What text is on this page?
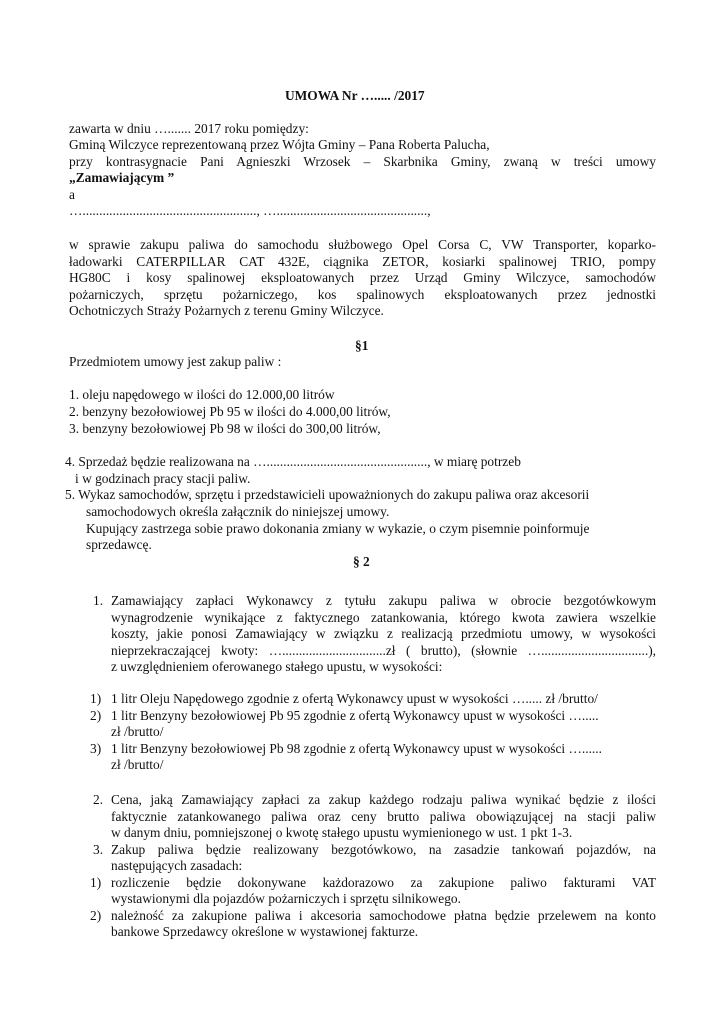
UMOWA Nr …..... /2017
zawarta w dniu …....... 2017 roku pomiędzy:
Gminą Wilczyce reprezentowaną przez Wójta Gminy – Pana Roberta Palucha,
przy kontrasygnacie Pani Agnieszki Wrzosek – Skarbnika Gminy, zwaną w treści umowy
„Zamawiającym ”
a
…...................................................., ….............................................,
w sprawie zakupu paliwa do samochodu służbowego Opel Corsa C, VW Transporter, koparko-
ładowarki CATERPILLAR CAT 432E, ciągnika ZETOR, kosiarki spalinowej TRIO, pompy
HG80C i kosy spalinowej eksploatowanych przez Urząd Gminy Wilczyce, samochodów
pożarniczych, sprzętu pożarniczego, kos spalinowych eksploatowanych przez jednostki
Ochotniczych Straży Pożarnych z terenu Gminy Wilczyce.
§1
Przedmiotem umowy jest zakup paliw :
1. oleju napędowego w ilości do 12.000,00 litrów
2. benzyny bezołowiowej Pb 95 w ilości do 4.000,00 litrów,
3. benzyny bezołowiowej Pb 98 w ilości do 300,00 litrów,
4. Sprzedaż będzie realizowana na …................................................, w miarę potrzeb
i w godzinach pracy stacji paliw.
5. Wykaz samochodów, sprzętu i przedstawicieli upoważnionych do zakupu paliwa oraz akcesorii
samochodowych określa załącznik do niniejszej umowy.
Kupujący zastrzega sobie prawo dokonania zmiany w wykazie, o czym pisemnie poinformuje
sprzedawcę.
§ 2
1. Zamawiający zapłaci Wykonawcy z tytułu zakupu paliwa w obrocie bezgotówkowym
wynagrodzenie wynikające z faktycznego zatankowania, którego kwota zawiera wszelkie
koszty, jakie ponosi Zamawiający w związku z realizacją przedmiotu umowy, w wysokości
nieprzekraczającej kwoty: …...............................zł ( brutto), (słownie …................................),
z uwzględnieniem oferowanego stałego upustu, w wysokości:
1) 1 litr Oleju Napędowego zgodnie z ofertą Wykonawcy upust w wysokości …..... zł /brutto/
2) 1 litr Benzyny bezołowiowej Pb 95 zgodnie z ofertą Wykonawcy upust w wysokości ….....
zł /brutto/
3) 1 litr Benzyny bezołowiowej Pb 98 zgodnie z ofertą Wykonawcy upust w wysokości …......
zł /brutto/
2. Cena, jaką Zamawiający zapłaci za zakup każdego rodzaju paliwa wynikać będzie z ilości
faktycznie zatankowanego paliwa oraz ceny brutto paliwa obowiązującej na stacji paliw
w danym dniu, pomniejszonej o kwotę stałego upustu wymienionego w ust. 1 pkt 1-3.
3. Zakup paliwa będzie realizowany bezgotówkowo, na zasadzie tankowań pojazdów, na
następujących zasadach:
1) rozliczenie będzie dokonywane każdorazowo za zakupione paliwo fakturami VAT
wystawionymi dla pojazdów pożarniczych i sprzętu silnikowego.
2) należność za zakupione paliwa i akcesoria samochodowe płatna będzie przelewem na konto
bankowe Sprzedawcy określone w wystawionej fakturze.
